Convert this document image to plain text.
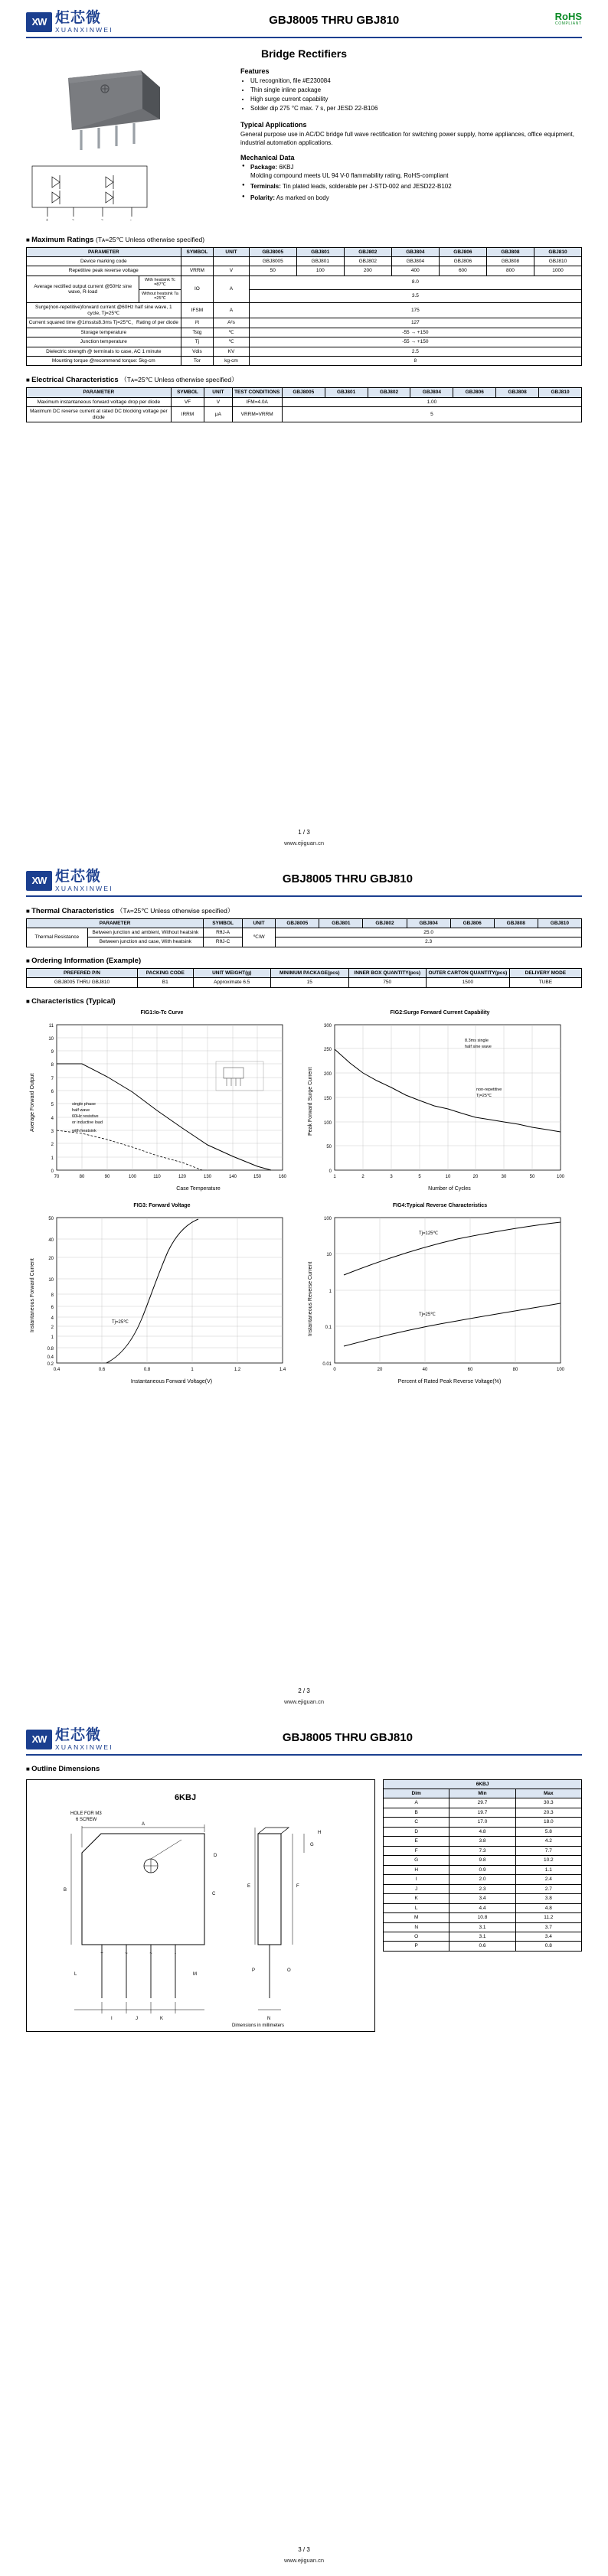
XW 炬芯微
XUANXINWEI
GBJ8005 THRU GBJ810	RoHS
COMPLIANT
Bridge Rectifiers

+	~	~	-
Features
• UL recognition, file #E230084
• Thin single inline package
• High surge current capability
• Solder dip 275 °C max. 7 s, per JESD 22-B106
Typical Applications

General purpose use in AC/DC bridge full wave rectification for switching power supply, home appliances, office equipment, industrial automation applications.

Mechanical Data
● Package: 6KBJ
Molding compound meets UL 94 V-0 flammability rating, RoHS-compliant
● Terminals: Tin plated leads, solderable per J-STD-002 and JESD22-B102
● Polarity: As marked on body
■ Maximum Ratings (Tᴀ=25℃ Unless otherwise specified)
PARAMETER		SYMBOL	UNIT	GBJ8005	GBJ801	GBJ802	GBJ804	GBJ806	GBJ808	GBJ810
Device marking code				GBJ8005	GBJ801	GBJ802	GBJ804	GBJ806	GBJ808	GBJ810
Repetitive peak reverse voltage		VRRM	V	50	100	200	400	600	800	1000
Average rectified output current @50Hz sine wave, R-load	With heatsink Tc =87℃	IO	A	8.0						
	Without heatsink Ta =25℃			3.5						
Surge(non-repetitive)forward current @60Hz half sine wave, 1 cycle, Tj=25℃		IFSM	A	175						
Current squared time @1ms≤t≤8.3ms Tj=25℃、Rating of per diode		i²t	A²s	127						
Storage temperature		Tstg	℃	-55 → +150						
Junction temperature		Tj	℃	-55 → +150						
Dielectric strength @ terminals to case, AC 1 minute		Vdis	KV	2.5						
Mounting torque @recommend torque: 5kg-cm		Tor	kg-cm	8						
■ Electrical Characteristics （Tᴀ=25℃ Unless otherwise specified）
PARAMETER	SYMBOL	UNIT	TEST CONDITIONS	GBJ8005	GBJ801	GBJ802	GBJ804	GBJ806	GBJ808	GBJ810
Maximum instantaneous forward voltage drop per diode	VF	V	IFM=4.0A	1.00						
Maximum DC reverse current at rated DC blocking voltage per diode	IRRM	μA	VRRM=VRRM	5						
1 / 3
www.ejiguan.cn
XW 炬芯微
XUANXINWEI
GBJ8005 THRU GBJ810
■ Thermal Characteristics （Tᴀ=25℃ Unless otherwise specified）
PARAMETER		SYMBOL	UNIT	GBJ8005	GBJ801	GBJ802	GBJ804	GBJ806	GBJ808	GBJ810
Thermal Resistance	Between junction and ambient, Without heatsink	RθJ-A	℃/W	25.0						
	Between junction and case, With heatsink	RθJ-C		2.3						
■ Ordering Information (Example)
PREFERED P/N	PACKING CODE	UNIT WEIGHT(g)	MINIMUM PACKAGE(pcs)	INNER BOX QUANTITY(pcs)	OUTER CARTON QUANTITY(pcs)	DELIVERY MODE
GBJ8005 THRU GBJ810	B1	Approximate 6.5	15	750	1500	TUBE
■ Characteristics (Typical)
FIG1:Io-Tc Curve
11
10
9
8
7
6
5
4
3
2
1
0
70	80	90	100	110	120	130	140	150	160
single phase
half wave
60Hz resistive
or inductive load
with heatsink
Case Temperature
Average Forward Output
FIG2:Surge Forward Current Capability
300
250
200
150
100
50
0
1	2	3	5	10	20	30	50	100
8.3ms single
half sine wave
non-repetitive
Tj=25℃
Number of Cycles
Peak Forward Surge Current
FIG3: Forward Voltage
50
40
20
10
8
6
4
2
1
0.8
0.4
0.2
0.4	0.6	0.8	1	1.2	1.4
Tj=25℃
Instantaneous Forward Voltage(V)
Instantaneous Forward Current
FIG4:Typical Reverse Characteristics
100
10
1
0.1
0.01
0	20	40	60	80	100
Tj=125℃
Tj=25℃
Percent of Rated Peak Reverse Voltage(%)
Instantaneous Reverse Current
2 / 3
www.ejiguan.cn
XW 炬芯微
XUANXINWEI
GBJ8005 THRU GBJ810
■ Outline Dimensions
6KBJ
HOLE FOR M3
6 SCREW
+	~	~	-
A
B
I	J	K
L	M
C
D
E	F
N
G
H
O
P
Dimensions in millimeters
6KBJ		
Dim	Min	Max
A	29.7	30.3
B	19.7	20.3
C	17.0	18.0
D	4.8	5.8
E	3.8	4.2
F	7.3	7.7
G	9.8	10.2
H	0.9	1.1
I	2.0	2.4
J	2.3	2.7
K	3.4	3.8
L	4.4	4.8
M	10.8	11.2
N	3.1	3.7
O	3.1	3.4
P	0.6	0.8
3 / 3
www.ejiguan.cn
